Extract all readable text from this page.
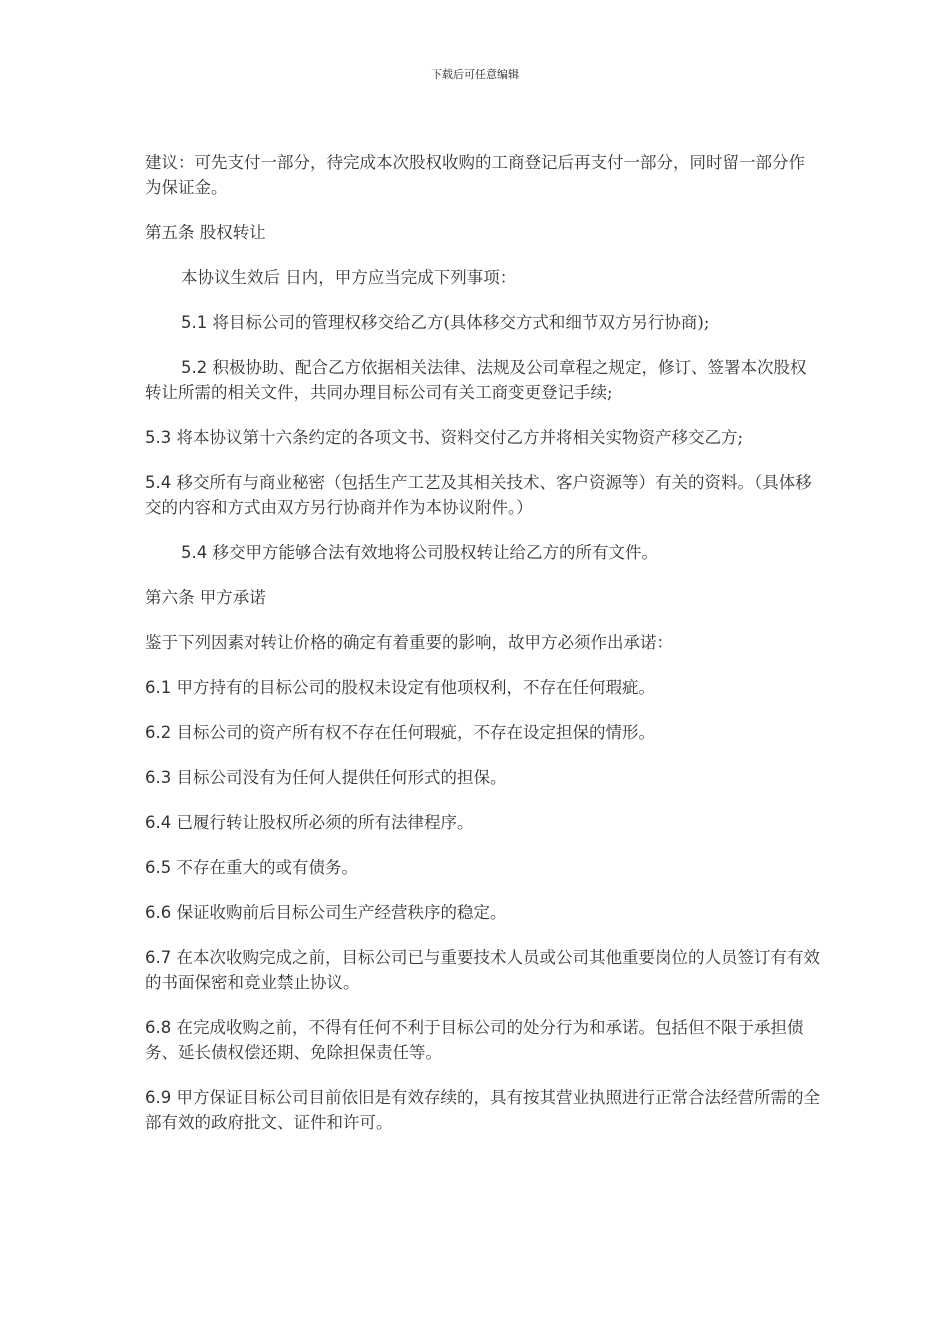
下载后可任意编辑

建议：可先支付一部分，待完成本次股权收购的工商登记后再支付一部分，同时留一部分作为保证金。

第五条 股权转让

本协议生效后 日内，甲方应当完成下列事项：

5.1 将目标公司的管理权移交给乙方(具体移交方式和细节双方另行协商);

5.2 积极协助、配合乙方依据相关法律、法规及公司章程之规定，修订、签署本次股权转让所需的相关文件，共同办理目标公司有关工商变更登记手续;

5.3 将本协议第十六条约定的各项文书、资料交付乙方并将相关实物资产移交乙方;

5.4 移交所有与商业秘密（包括生产工艺及其相关技术、客户资源等）有关的资料。（具体移交的内容和方式由双方另行协商并作为本协议附件。）

5.4 移交甲方能够合法有效地将公司股权转让给乙方的所有文件。

第六条 甲方承诺

鉴于下列因素对转让价格的确定有着重要的影响，故甲方必须作出承诺：

6.1 甲方持有的目标公司的股权未设定有他项权利，不存在任何瑕疵。

6.2 目标公司的资产所有权不存在任何瑕疵，不存在设定担保的情形。

6.3 目标公司没有为任何人提供任何形式的担保。

6.4 已履行转让股权所必须的所有法律程序。

6.5 不存在重大的或有债务。

6.6 保证收购前后目标公司生产经营秩序的稳定。

6.7 在本次收购完成之前，目标公司已与重要技术人员或公司其他重要岗位的人员签订有有效的书面保密和竞业禁止协议。

6.8 在完成收购之前，不得有任何不利于目标公司的处分行为和承诺。包括但不限于承担债务、延长债权偿还期、免除担保责任等。

6.9 甲方保证目标公司目前依旧是有效存续的，具有按其营业执照进行正常合法经营所需的全部有效的政府批文、证件和许可。
